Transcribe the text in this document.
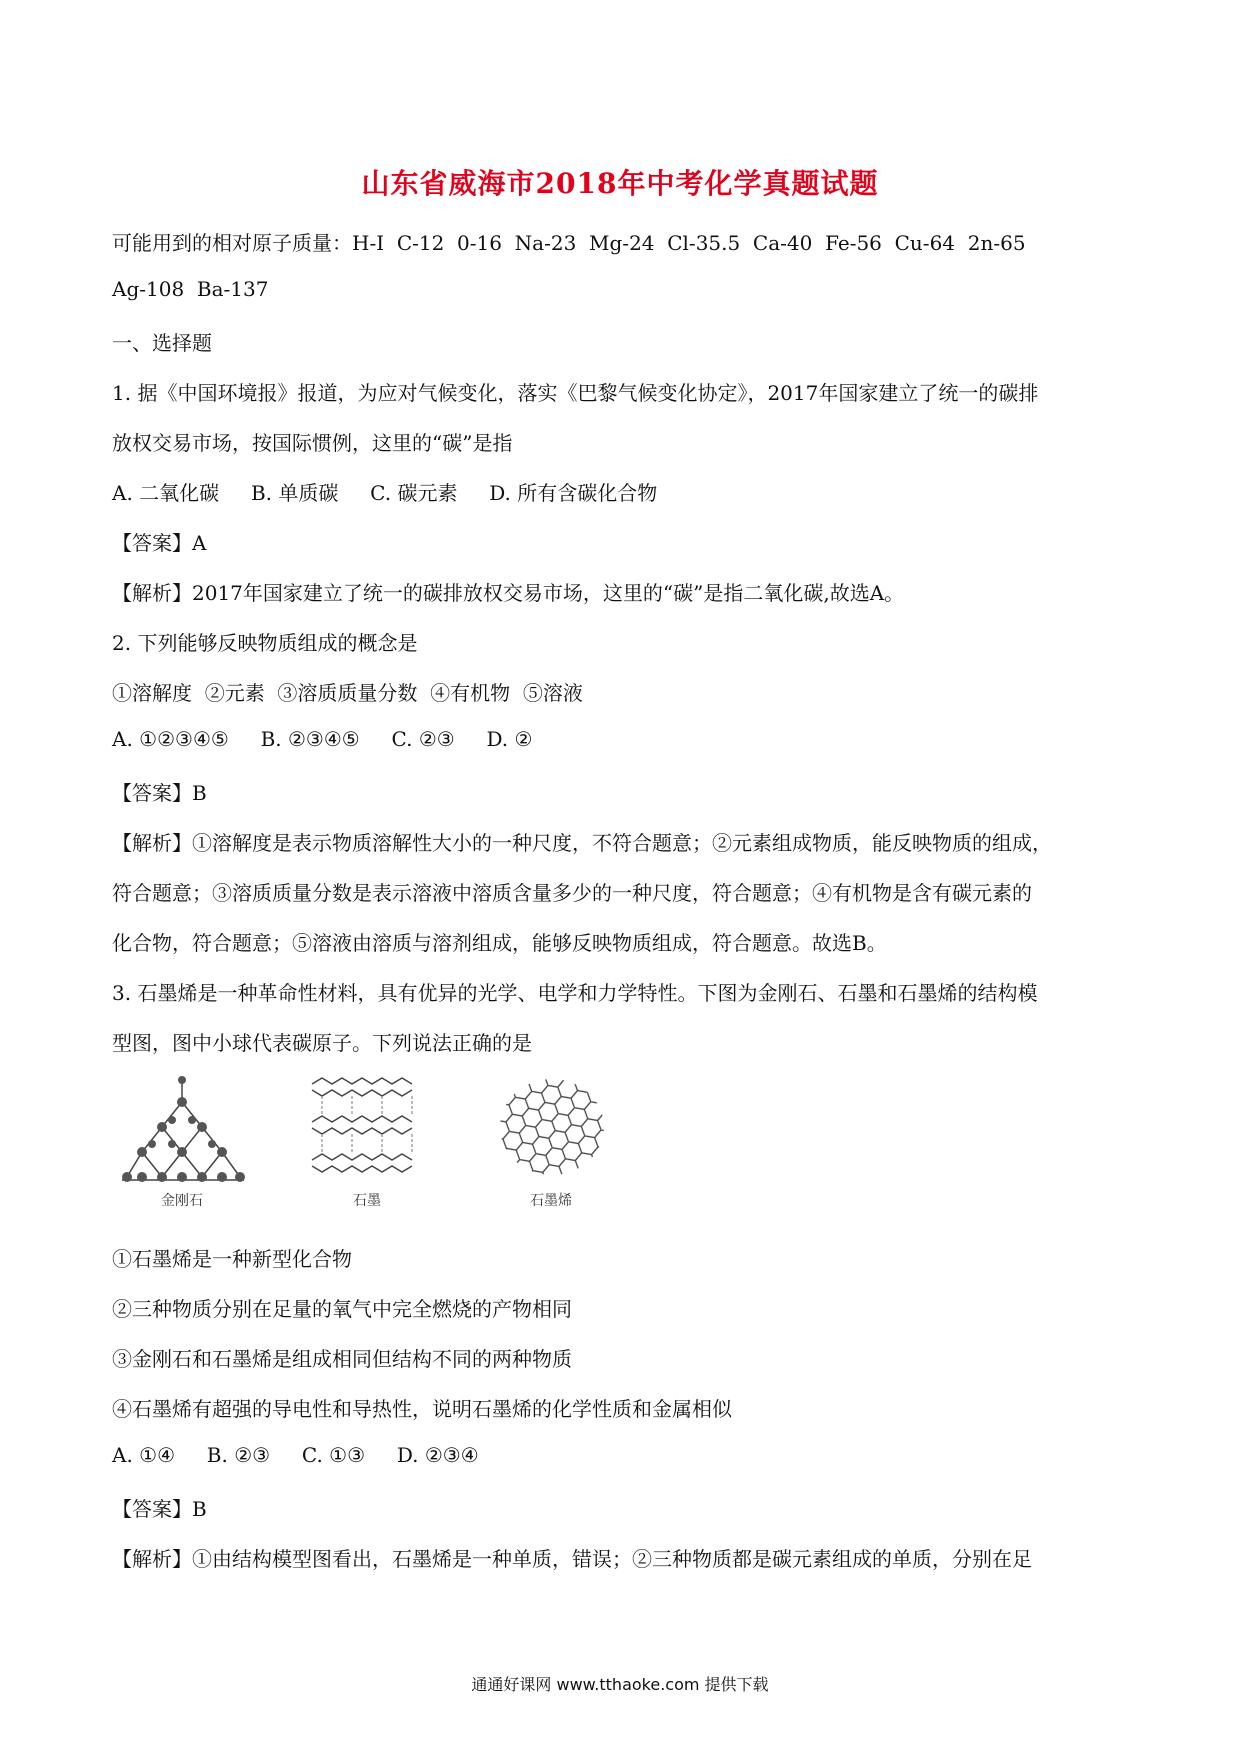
山东省威海市2018年中考化学真题试题
可能用到的相对原子质量：H-I  C-12  0-16  Na-23  Mg-24  Cl-35.5  Ca-40  Fe-56  Cu-64  2n-65
Ag-108  Ba-137
一、选择题
1. 据《中国环境报》报道，为应对气候变化，落实《巴黎气候变化协定》，2017年国家建立了统一的碳排
放权交易市场，按国际惯例，这里的“碳”是指
A. 二氧化碳     B. 单质碳     C. 碳元素     D. 所有含碳化合物
【答案】A
【解析】2017年国家建立了统一的碳排放权交易市场，这里的“碳”是指二氧化碳,故选A。
2. 下列能够反映物质组成的概念是
①溶解度  ②元素  ③溶质质量分数  ④有机物  ⑤溶液
A. ①②③④⑤     B. ②③④⑤     C. ②③     D. ②
【答案】B
【解析】①溶解度是表示物质溶解性大小的一种尺度，不符合题意；②元素组成物质，能反映物质的组成，
符合题意；③溶质质量分数是表示溶液中溶质含量多少的一种尺度，符合题意；④有机物是含有碳元素的
化合物，符合题意；⑤溶液由溶质与溶剂组成，能够反映物质组成，符合题意。故选B。
3. 石墨烯是一种革命性材料，具有优异的光学、电学和力学特性。下图为金刚石、石墨和石墨烯的结构模
型图，图中小球代表碳原子。下列说法正确的是
金刚石	石墨	石墨烯
①石墨烯是一种新型化合物
②三种物质分别在足量的氧气中完全燃烧的产物相同
③金刚石和石墨烯是组成相同但结构不同的两种物质
④石墨烯有超强的导电性和导热性，说明石墨烯的化学性质和金属相似
A. ①④     B. ②③     C. ①③     D. ②③④
【答案】B
【解析】①由结构模型图看出，石墨烯是一种单质，错误；②三种物质都是碳元素组成的单质，分别在足
通通好课网 www.tthaoke.com 提供下载
